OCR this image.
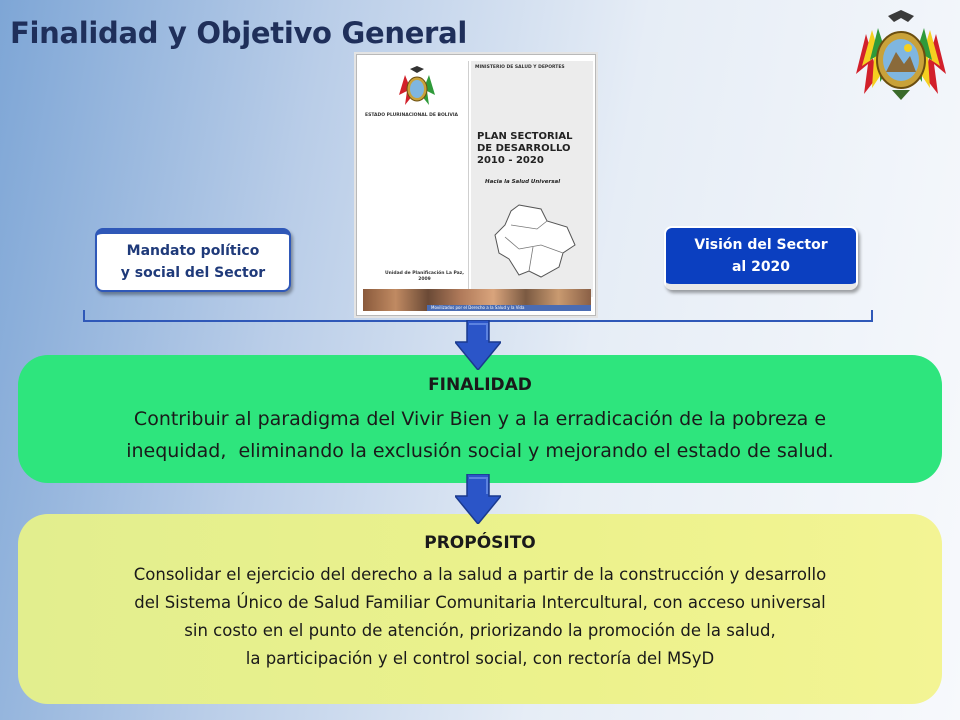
Finalidad y Objetivo General
ESTADO PLURINACIONAL DE BOLIVIA
Unidad de Planificación La Paz, 2009
MINISTERIO DE SALUD Y DEPORTES
PLAN SECTORIAL DE DESARROLLO 2010 - 2020
Hacia la Salud Universal
Movilizados por el Derecho a la Salud y la Vida
Mandato político
y social del Sector
Visión del Sector
al 2020
FINALIDAD
Contribuir al paradigma del Vivir Bien y a la erradicación de la pobreza e
inequidad,  eliminando la exclusión social y mejorando el estado de salud.
PROPÓSITO
Consolidar el ejercicio del derecho a la salud a partir de la construcción y desarrollo
del Sistema Único de Salud Familiar Comunitaria Intercultural, con acceso universal
sin costo en el punto de atención, priorizando la promoción de la salud,
la participación y el control social, con rectoría del MSyD
